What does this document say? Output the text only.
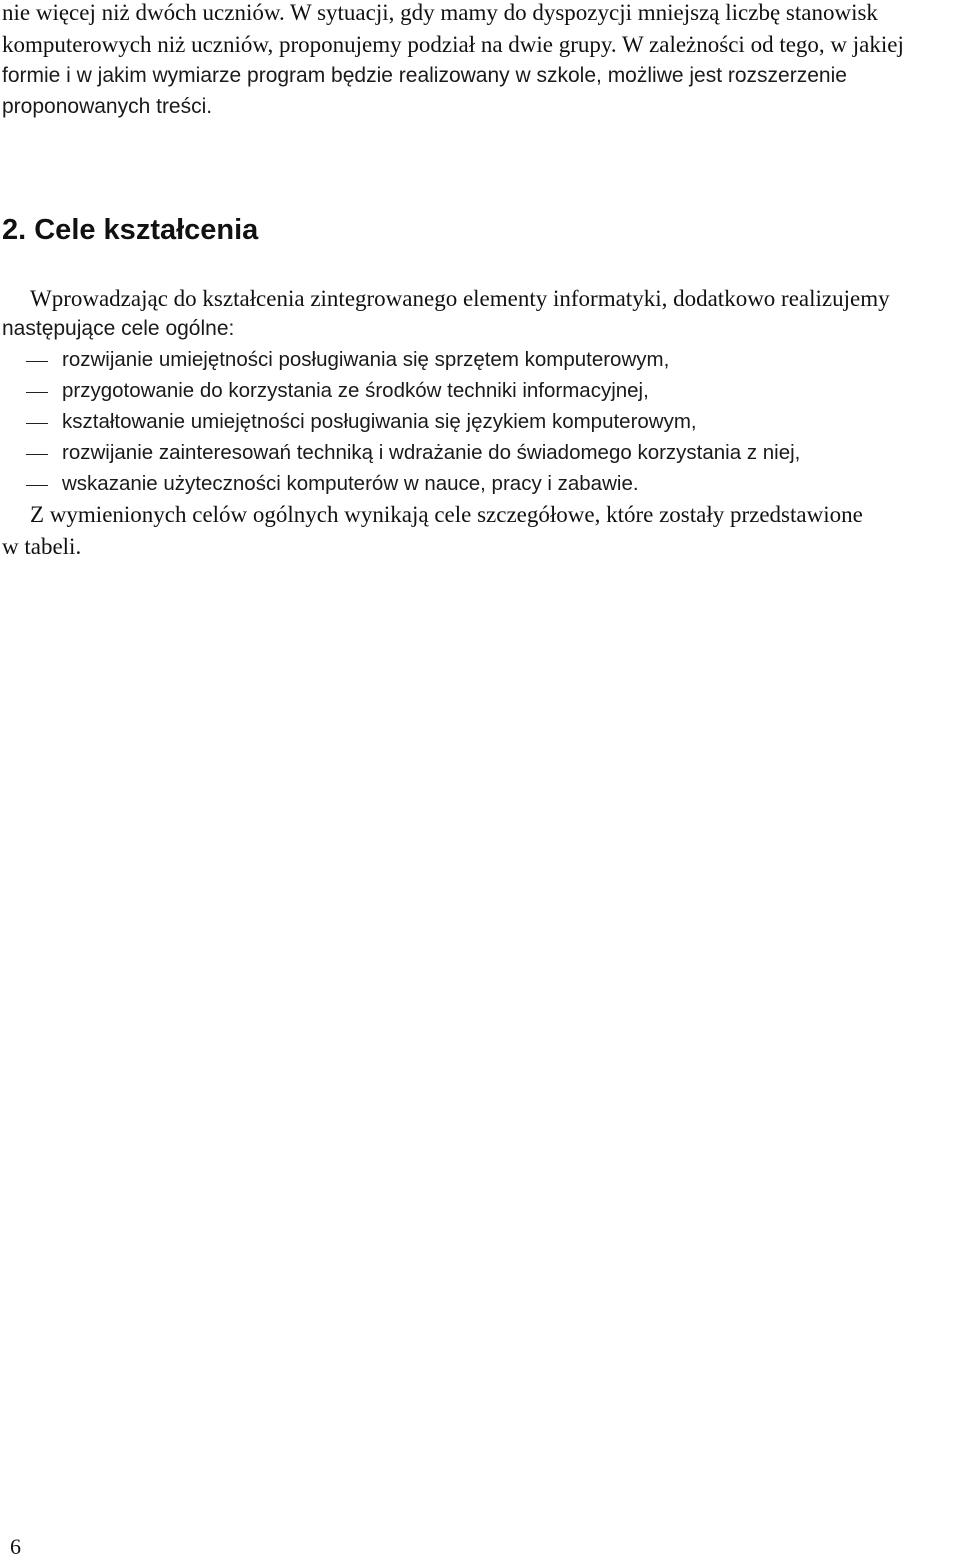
nie więcej niż dwóch uczniów. W sytuacji, gdy mamy do dyspozycji mniejszą liczbę stanowisk
komputerowych niż uczniów, proponujemy podział na dwie grupy. W zależności od tego, w jakiej
formie i w jakim wymiarze program będzie realizowany w szkole, możliwe jest rozszerzenie
proponowanych treści.
2. Cele kształcenia
Wprowadzając do kształcenia zintegrowanego elementy informatyki, dodatkowo realizujemy
następujące cele ogólne:
rozwijanie umiejętności posługiwania się sprzętem komputerowym,
przygotowanie do korzystania ze środków techniki informacyjnej,
kształtowanie umiejętności posługiwania się językiem komputerowym,
rozwijanie zainteresowań techniką i wdrażanie do świadomego korzystania z niej,
wskazanie użyteczności komputerów w nauce, pracy i zabawie.
Z wymienionych celów ogólnych wynikają cele szczegółowe, które zostały przedstawione
w tabeli.
6
